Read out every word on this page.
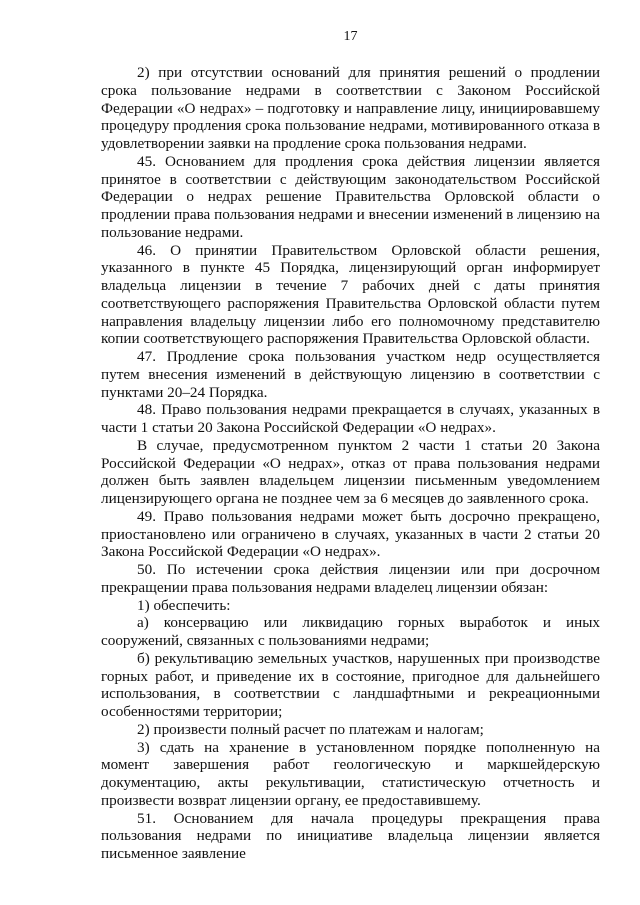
17

2) при отсутствии оснований для принятия решений о продлении срока пользование недрами в соответствии с Законом Российской Федерации «О недрах» – подготовку и направление лицу, инициировавшему процедуру продления срока пользование недрами, мотивированного отказа в удовлетворении заявки на продление срока пользования недрами.

45. Основанием для продления срока действия лицензии является принятое в соответствии с действующим законодательством Российской Федерации о недрах решение Правительства Орловской области о продлении права пользования недрами и внесении изменений в лицензию на пользование недрами.

46. О принятии Правительством Орловской области решения, указанного в пункте 45 Порядка, лицензирующий орган информирует владельца лицензии в течение 7 рабочих дней с даты принятия соответствующего распоряжения Правительства Орловской области путем направления владельцу лицензии либо его полномочному представителю копии соответствующего распоряжения Правительства Орловской области.

47. Продление срока пользования участком недр осуществляется путем внесения изменений в действующую лицензию в соответствии с пунктами 20–24 Порядка.

48. Право пользования недрами прекращается в случаях, указанных в части 1 статьи 20 Закона Российской Федерации «О недрах».

В случае, предусмотренном пунктом 2 части 1 статьи 20 Закона Российской Федерации «О недрах», отказ от права пользования недрами должен быть заявлен владельцем лицензии письменным уведомлением лицензирующего органа не позднее чем за 6 месяцев до заявленного срока.

49. Право пользования недрами может быть досрочно прекращено, приостановлено или ограничено в случаях, указанных в части 2 статьи 20 Закона Российской Федерации «О недрах».

50. По истечении срока действия лицензии или при досрочном прекращении права пользования недрами владелец лицензии обязан:

1) обеспечить:

а) консервацию или ликвидацию горных выработок и иных сооружений, связанных с пользованиями недрами;

б) рекультивацию земельных участков, нарушенных при производстве горных работ, и приведение их в состояние, пригодное для дальнейшего использования, в соответствии с ландшафтными и рекреационными особенностями территории;

2) произвести полный расчет по платежам и налогам;

3) сдать на хранение в установленном порядке пополненную на момент завершения работ геологическую и маркшейдерскую документацию, акты рекультивации, статистическую отчетность и произвести возврат лицензии органу, ее предоставившему.

51. Основанием для начала процедуры прекращения права пользования недрами по инициативе владельца лицензии является письменное заявление
